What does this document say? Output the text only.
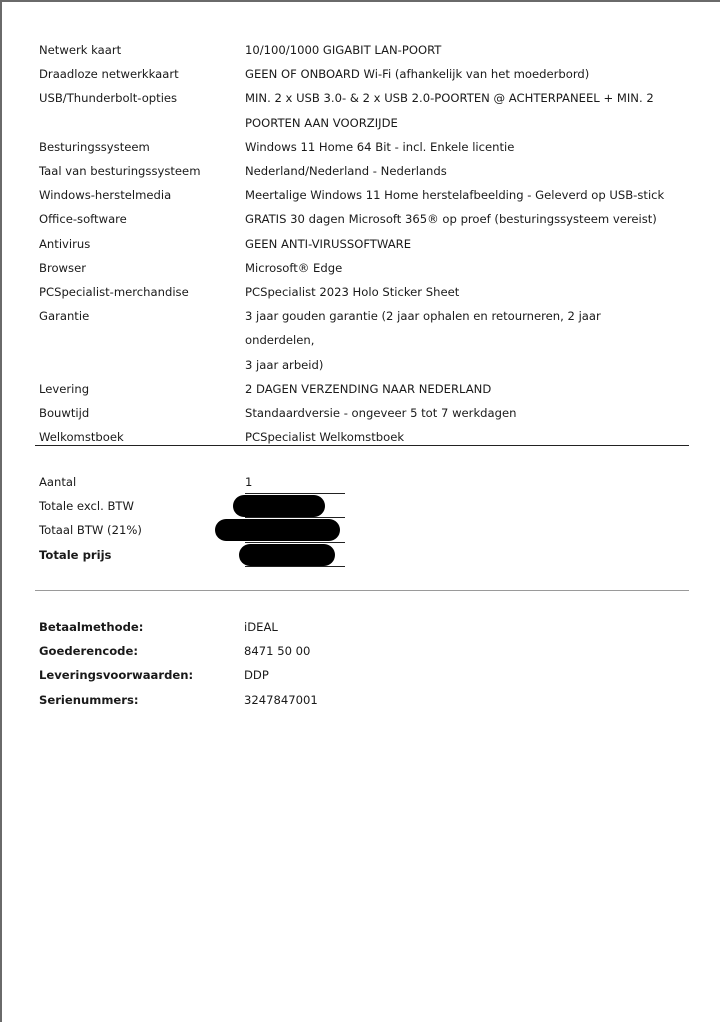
Netwerk kaart	10/100/1000 GIGABIT LAN-POORT
Draadloze netwerkkaart	GEEN OF ONBOARD Wi-Fi (afhankelijk van het moederbord)
USB/Thunderbolt-opties	MIN. 2 x USB 3.0- & 2 x USB 2.0-POORTEN @ ACHTERPANEEL + MIN. 2
POORTEN AAN VOORZIJDE
Besturingssysteem	Windows 11 Home 64 Bit - incl. Enkele licentie
Taal van besturingssysteem	Nederland/Nederland - Nederlands
Windows-herstelmedia	Meertalige Windows 11 Home herstelafbeelding - Geleverd op USB-stick
Office-software	GRATIS 30 dagen Microsoft 365® op proef (besturingssysteem vereist)
Antivirus	GEEN ANTI-VIRUSSOFTWARE
Browser	Microsoft® Edge
PCSpecialist-merchandise	PCSpecialist 2023 Holo Sticker Sheet
Garantie	3 jaar gouden garantie (2 jaar ophalen en retourneren, 2 jaar onderdelen,
3 jaar arbeid)
Levering	2 DAGEN VERZENDING NAAR NEDERLAND
Bouwtijd	Standaardversie - ongeveer 5 tot 7 werkdagen
Welkomstboek	PCSpecialist Welkomstboek
Aantal	1
Totale excl. BTW
Totaal BTW (21%)
Totale prijs
Betaalmethode:	iDEAL
Goederencode:	8471 50 00
Leveringsvoorwaarden:	DDP
Serienummers:	3247847001
